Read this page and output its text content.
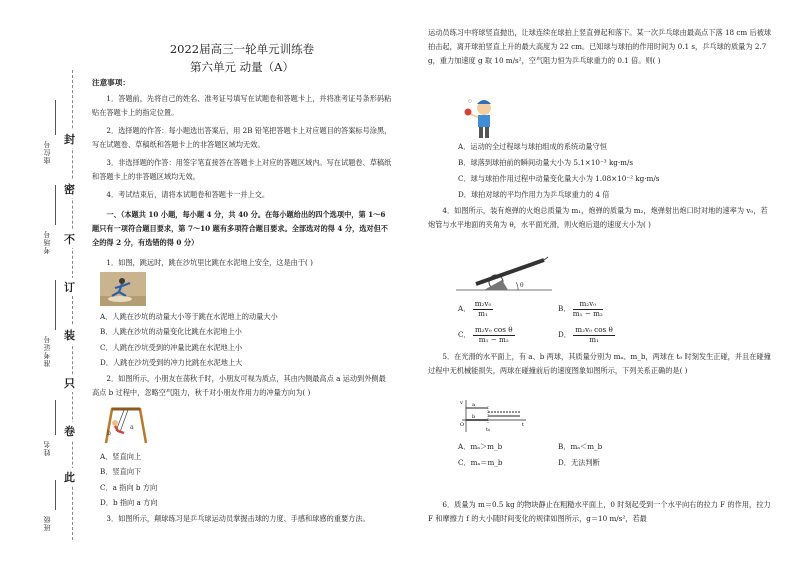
封
密
不
订
装
只
卷
此
座位号
考场号
准考证号
姓名
班级
2022届高三一轮单元训练卷
第六单元 动量（A）
注意事项：
1．答题前，先将自己的姓名、准考证号填写在试题卷和答题卡上，并将准考证号条形码粘贴在答题卡上的指定位置。
2．选择题的作答：每小题选出答案后，用 2B 铅笔把答题卡上对应题目的答案标号涂黑，写在试题卷、草稿纸和答题卡上的非答题区域均无效。
3．非选择题的作答：用签字笔直接答在答题卡上对应的答题区域内。写在试题卷、草稿纸和答题卡上的非答题区域均无效。
4．考试结束后，请将本试题卷和答题卡一并上交。
一、（本题共 10 小题，每小题 4 分，共 40 分。在每小题给出的四个选项中，第 1～6 题只有一项符合题目要求，第 7～10 题有多项符合题目要求。全部选对的得 4 分，选对但不全的得 2 分，有选错的得 0 分）
1．如图，跳远时，跳在沙坑里比跳在水泥地上安全，这是由于( )
A．人跳在沙坑的动量大小等于跳在水泥地上的动量大小
B．人跳在沙坑的动量变化比跳在水泥地上小
C．人跳在沙坑受到的冲量比跳在水泥地上小
D．人跳在沙坑受到的冲力比跳在水泥地上大
2．如图所示，小朋友在荡秋千时，小朋友可视为质点，其由内侧最高点 a 运动到外侧最高点 b 过程中，忽略空气阻力，秋千对小朋友作用力的冲量方向为( )
a
b
A．竖直向上
B．竖直向下
C．a 指向 b 方向
D．b 指向 a 方向
3．如图所示，颠球练习是乒乓球运动员掌握击球的力度、手感和球感的重要方法。
运动员练习中将球竖直抛出，让球连续在球拍上竖直弹起和落下。某一次乒乓球由最高点下落 18 cm 后被球拍击起，离开球拍竖直上升的最大高度为 22 cm。已知球与球拍的作用时间为 0.1 s，乒乓球的质量为 2.7 g，重力加速度 g 取 10 m/s²，空气阻力恒为乒乓球重力的 0.1 倍。则( )
A．运动的全过程球与球拍组成的系统动量守恒
B．球落到球拍前的瞬间动量大小为 5.1×10⁻³ kg·m/s
C．球与球拍作用过程中动量变化量大小为 1.08×10⁻² kg·m/s
D．球拍对球的平均作用力为乒乓球重力的 4 倍
4．如图所示，装有炮弹的火炮总质量为 m₁，炮弹的质量为 m₂，炮弹射出炮口时对地的速率为 v₀，若炮管与水平地面的夹角为 θ，水平面光滑，则火炮后退的速度大小为( )
θ
A． $\frac{\text{m₂v₀}}{\text{m₁}}$	B． $\frac{\text{m₂v₀}}{\text{m₁ − m₂}}$
C． $\frac{\text{m₂v₀ cos θ}}{\text{m₁ − m₂}}$	D． $\frac{\text{m₂v₀ cos θ}}{\text{m₁}}$
5．在光滑的水平面上，有 a、b 两球，其质量分别为 mₐ、m_b，两球在 t₀ 时刻发生正碰，并且在碰撞过程中无机械能损失，两球在碰撞前后的速度图象如图所示，下列关系正确的是( )
v
t
O
a
b
t₀
A．mₐ＞m_b	B．mₐ＜m_b
C．mₐ＝m_b	D．无法判断
6．质量为 m＝0.5 kg 的物块静止在粗糙水平面上，0 时刻起受到一个水平向右的拉力 F 的作用，拉力 F 和摩擦力 f 的大小随时间变化的规律如图所示，g＝10 m/s²，若最
